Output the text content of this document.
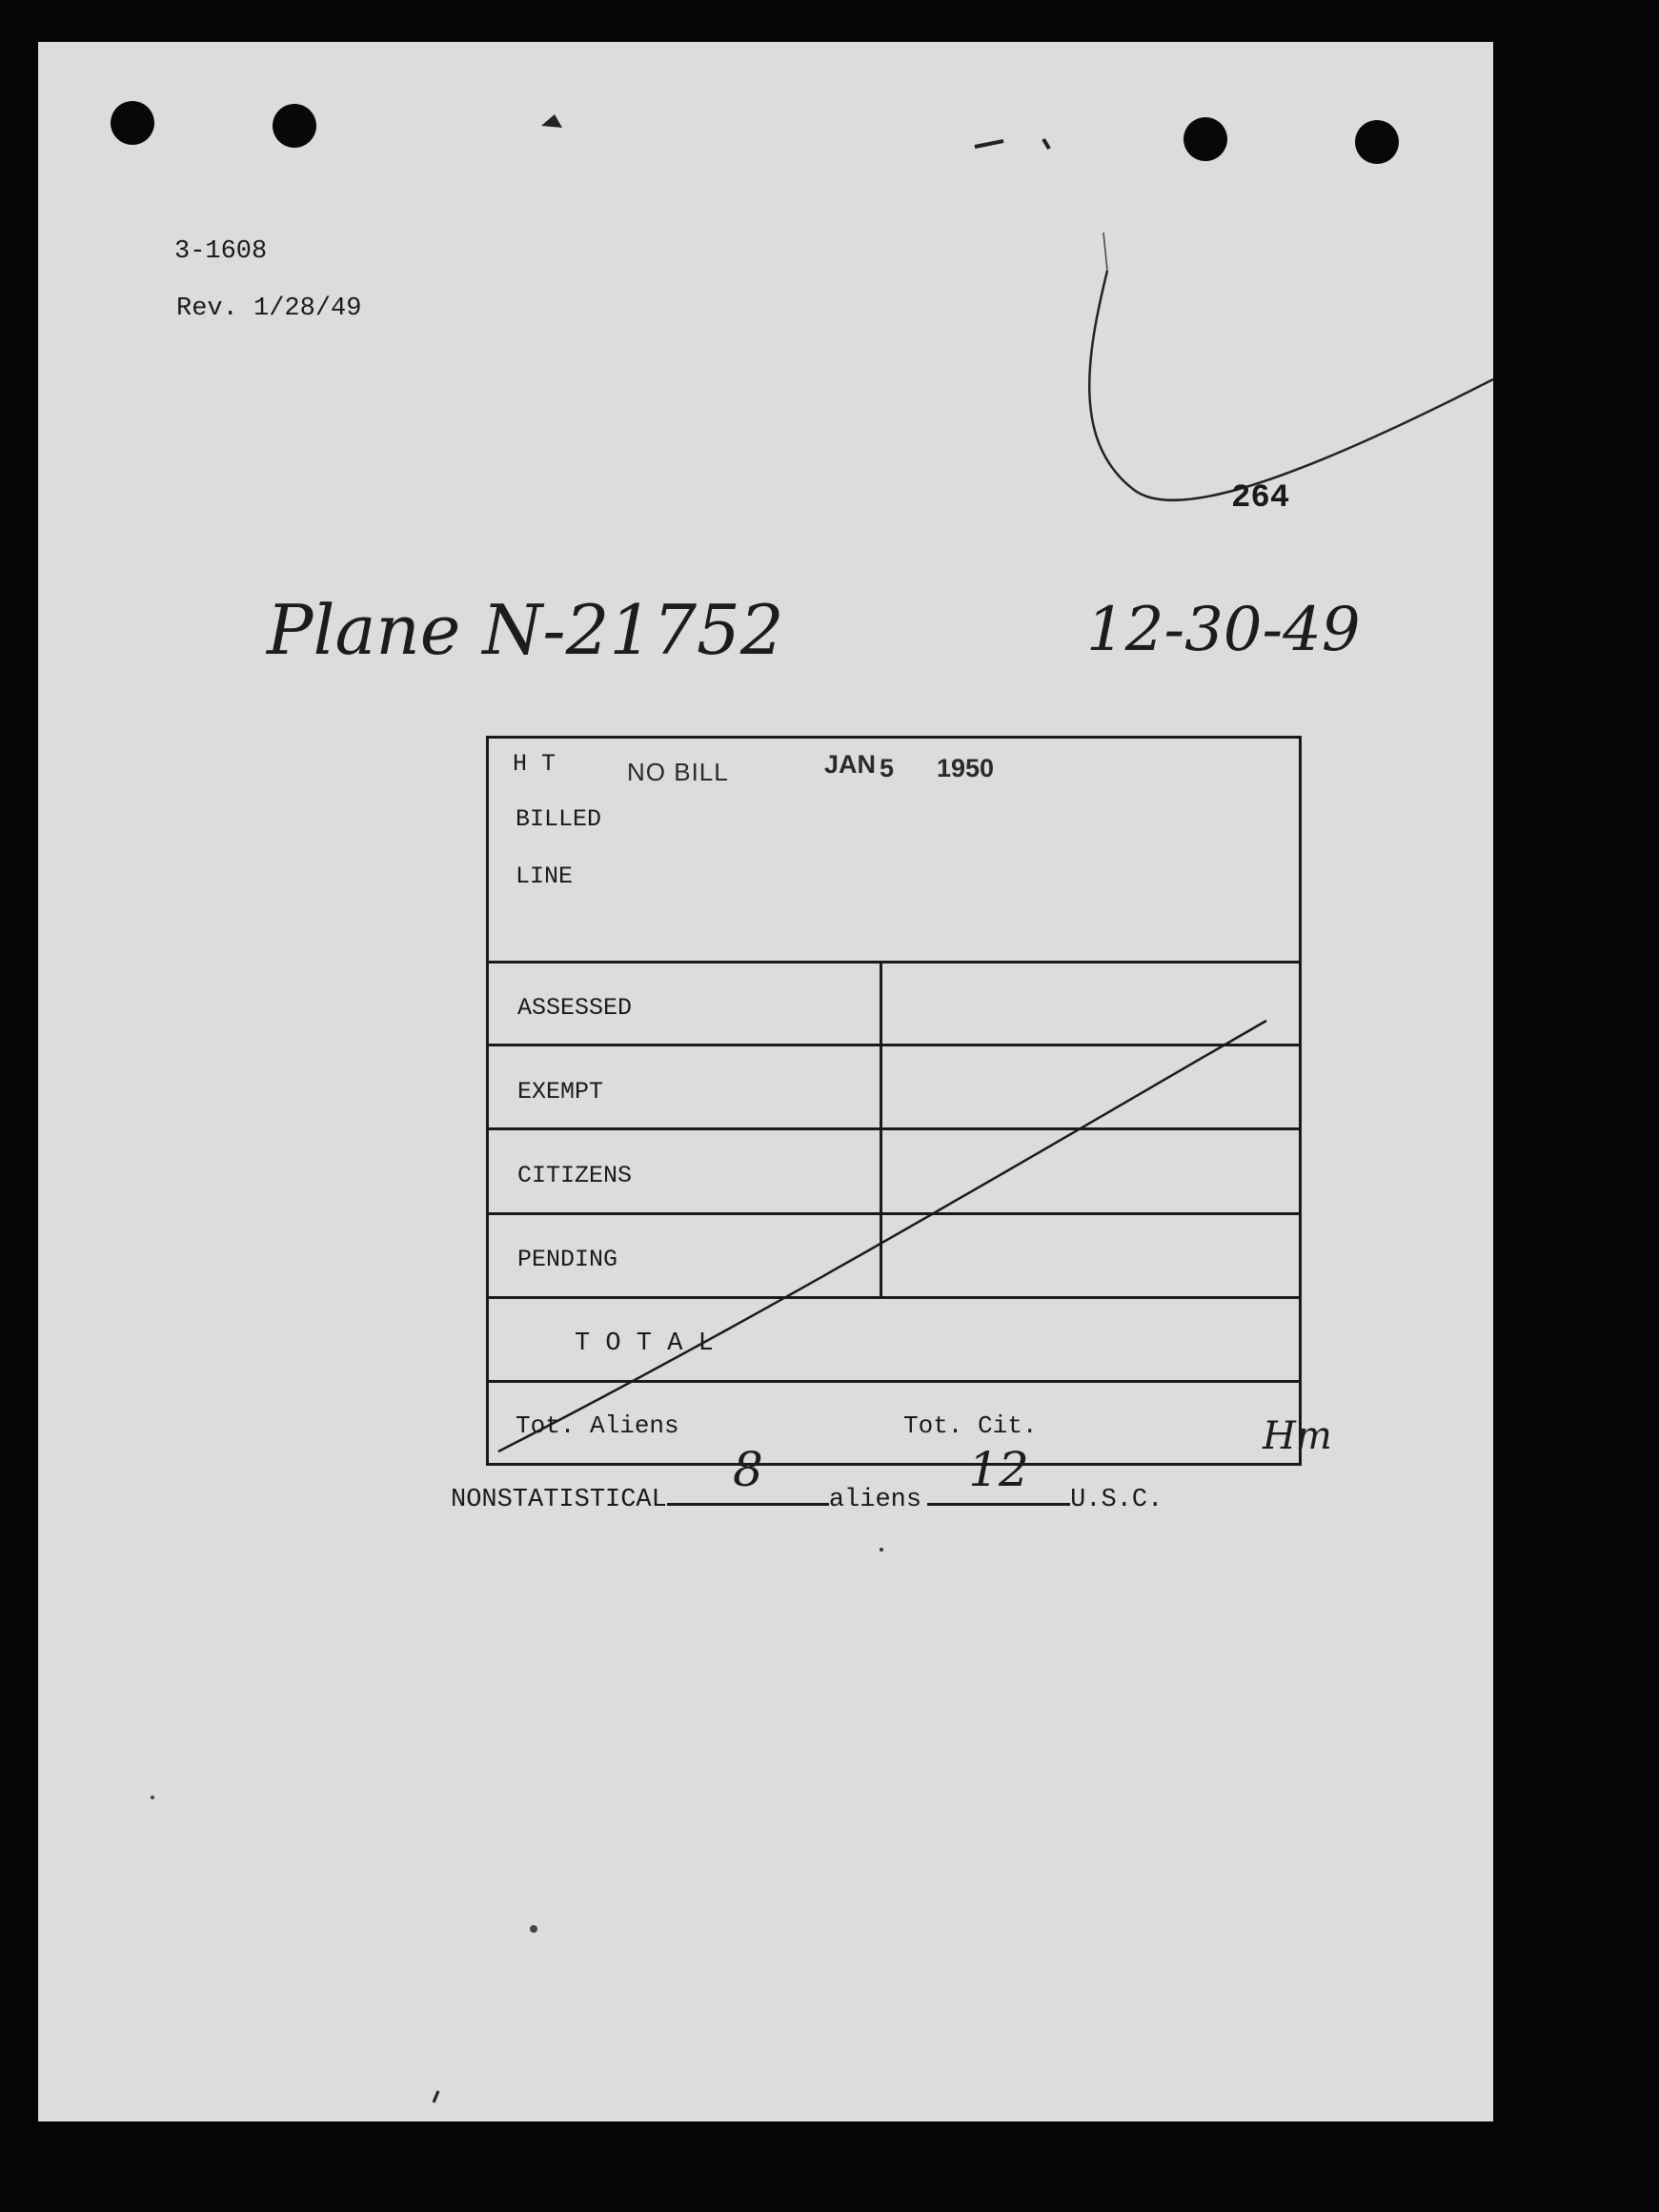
3-1608
Rev. 1/28/49
264
Plane N-21752	12-30-49
H T	NO BILL	JAN 5 1950
BILLED
LINE
ASSESSED
EXEMPT
CITIZENS
PENDING
T O T A L
Tot. Aliens	Tot. Cit.	Hm
NONSTATISTICAL
8
aliens
12
U.S.C.
